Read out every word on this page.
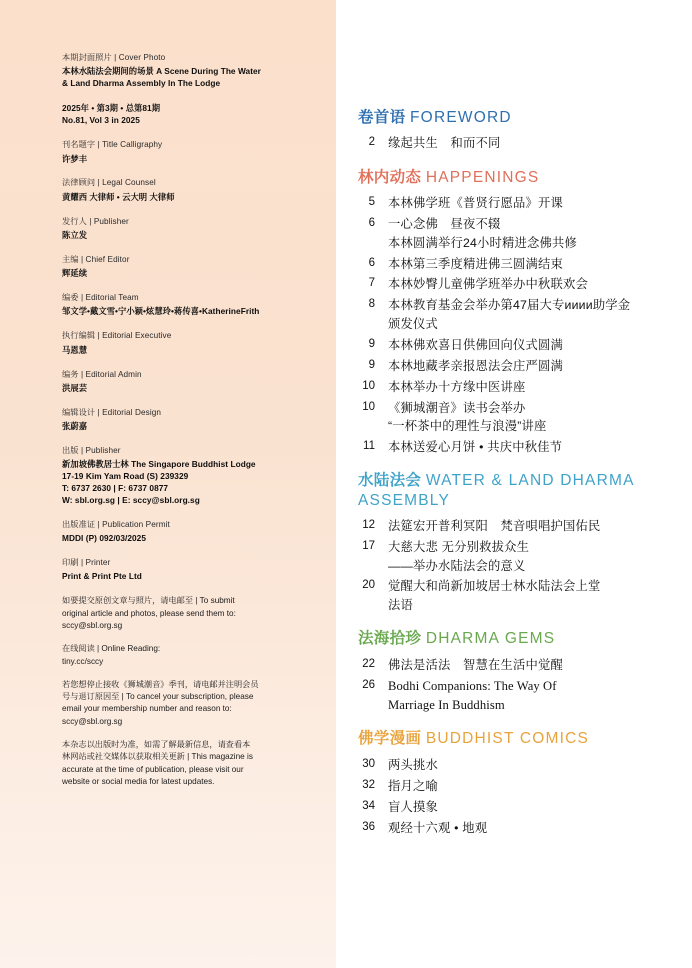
本期封面照片 | Cover Photo
本林水陆法会期间的场景 A Scene During The Water
& Land Dharma Assembly In The Lodge
2025年 • 第3期 • 总第81期
No.81, Vol 3 in 2025
刊名题字 | Title Calligraphy
许梦丰
法律顾问 | Legal Counsel
黄耀西 大律师 • 云大明 大律师
发行人 | Publisher
陈立发
主编 | Chief Editor
辉延续
编委 | Editorial Team
邹文学•戴文雪•宁小颖•炫慧玲•蒋传喜•KatherineFrith
执行编辑 | Editorial Executive
马恩慧
编务 | Editorial Admin
洪展芸
编辑设计 | Editorial Design
张蔚嘉
出版 | Publisher
新加坡佛教居士林 The Singapore Buddhist Lodge
17-19 Kim Yam Road (S) 239329
T: 6737 2630 | F: 6737 0877
W: sbl.org.sg | E: sccy@sbl.org.sg
出版准证 | Publication Permit
MDDI (P) 092/03/2025
印刷 | Printer
Print & Print Pte Ltd
如要提交原创文章与照片，请电邮至 | To submit
original article and photos, please send them to:
sccy@sbl.org.sg
在线阅读 | Online Reading:
tiny.cc/sccy
若您想停止接收《狮城潮音》季刊，请电邮并注明会员
号与退订原因至 | To cancel your subscription, please
email your membership number and reason to:
sccy@sbl.org.sg
本杂志以出版时为准，如需了解最新信息，请查看本
林网站或社交媒体以获取相关更新 | This magazine is
accurate at the time of publication, please visit our
website or social media for latest updates.
卷首语 FOREWORD
2	缘起共生　和而不同
林内动态 HAPPENINGS
5	本林佛学班《普贤行愿品》开课
6	一心念佛　昼夜不辍
本林圆满举行24小时精进念佛共修
6	本林第三季度精进佛三圆满结束
7	本林妙臀儿童佛学班举办中秋联欢会
8	本林教育基金会举办第47届大专ииии助学金
颁发仪式
9	本林佛欢喜日供佛回向仪式圆满
9	本林地藏孝亲报恩法会庄严圆满
10	本林举办十方缘中医讲座
10	《狮城潮音》读书会举办
“一杯茶中的理性与浪漫”讲座
11	本林送爱心月饼 • 共庆中秋佳节
水陆法会 WATER & LAND DHARMA
ASSEMBLY
12	法筵宏开普利冥阳　梵音唄唱护国佑民
17	大慈大悲 无分别救拔众生
——举办水陆法会的意义
20	觉醒大和尚新加坡居士林水陆法会上堂
法语
法海拾珍 DHARMA GEMS
22	佛法是活法　智慧在生活中觉醒
26	Bodhi Companions: The Way Of
Marriage In Buddhism
佛学漫画 BUDDHIST COMICS
30	两头挑水
32	指月之喻
34	盲人摸象
36	观经十六观 • 地观
